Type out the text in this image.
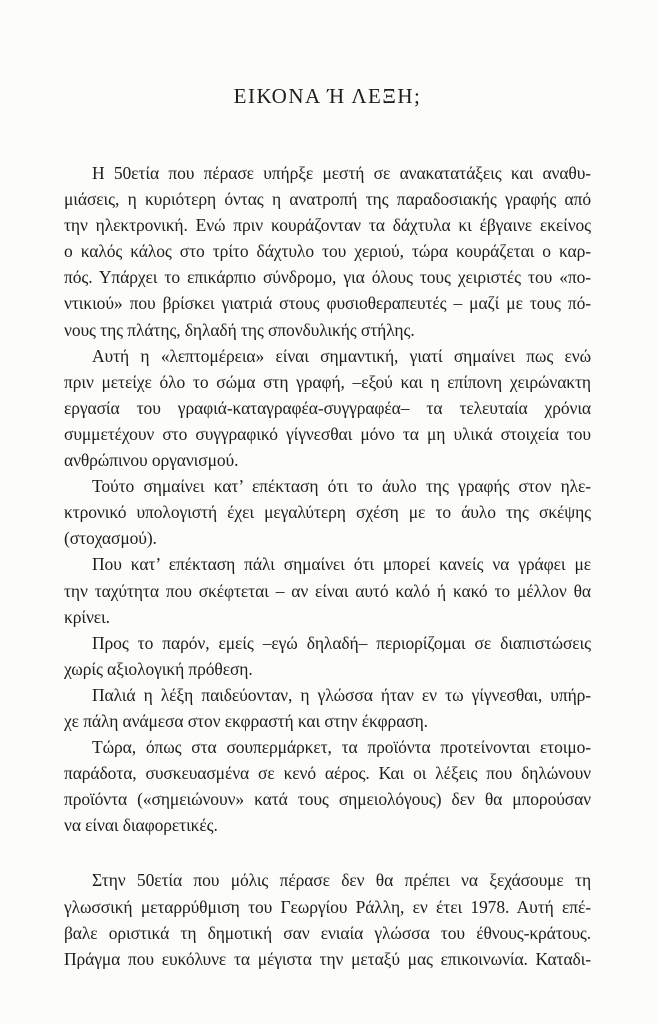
ΕΙΚΟΝΑ Ή ΛΕΞΗ;
Η 50ετία που πέρασε υπήρξε μεστή σε ανακατατάξεις και αναθυ-
μιάσεις, η κυριότερη όντας η ανατροπή της παραδοσιακής γραφής από
την ηλεκτρονική. Ενώ πριν κουράζονταν τα δάχτυλα κι έβγαινε εκείνος
ο καλός κάλος στο τρίτο δάχτυλο του χεριού, τώρα κουράζεται ο καρ-
πός. Υπάρχει το επικάρπιο σύνδρομο, για όλους τους χειριστές του «πο-
ντικιού» που βρίσκει γιατριά στους φυσιοθεραπευτές – μαζί με τους πό-
νους της πλάτης, δηλαδή της σπονδυλικής στήλης.
Αυτή η «λεπτομέρεια» είναι σημαντική, γιατί σημαίνει πως ενώ
πριν μετείχε όλο το σώμα στη γραφή, –εξού και η επίπονη χειρώνακτη
εργασία του γραφιά-καταγραφέα-συγγραφέα– τα τελευταία χρόνια
συμμετέχουν στο συγγραφικό γίγνεσθαι μόνο τα μη υλικά στοιχεία του
ανθρώπινου οργανισμού.
Τούτο σημαίνει κατ’ επέκταση ότι το άυλο της γραφής στον ηλε-
κτρονικό υπολογιστή έχει μεγαλύτερη σχέση με το άυλο της σκέψης
(στοχασμού).
Που κατ’ επέκταση πάλι σημαίνει ότι μπορεί κανείς να γράφει με
την ταχύτητα που σκέφτεται – αν είναι αυτό καλό ή κακό το μέλλον θα
κρίνει.
Προς το παρόν, εμείς –εγώ δηλαδή– περιορίζομαι σε διαπιστώσεις
χωρίς αξιολογική πρόθεση.
Παλιά η λέξη παιδεύονταν, η γλώσσα ήταν εν τω γίγνεσθαι, υπήρ-
χε πάλη ανάμεσα στον εκφραστή και στην έκφραση.
Τώρα, όπως στα σουπερμάρκετ, τα προϊόντα προτείνονται ετοιμο-
παράδοτα, συσκευασμένα σε κενό αέρος. Και οι λέξεις που δηλώνουν
προϊόντα («σημειώνουν» κατά τους σημειολόγους) δεν θα μπορούσαν
να είναι διαφορετικές.
Στην 50ετία που μόλις πέρασε δεν θα πρέπει να ξεχάσουμε τη
γλωσσική μεταρρύθμιση του Γεωργίου Ράλλη, εν έτει 1978. Αυτή επέ-
βαλε οριστικά τη δημοτική σαν ενιαία γλώσσα του έθνους-κράτους.
Πράγμα που ευκόλυνε τα μέγιστα την μεταξύ μας επικοινωνία. Καταδι-
